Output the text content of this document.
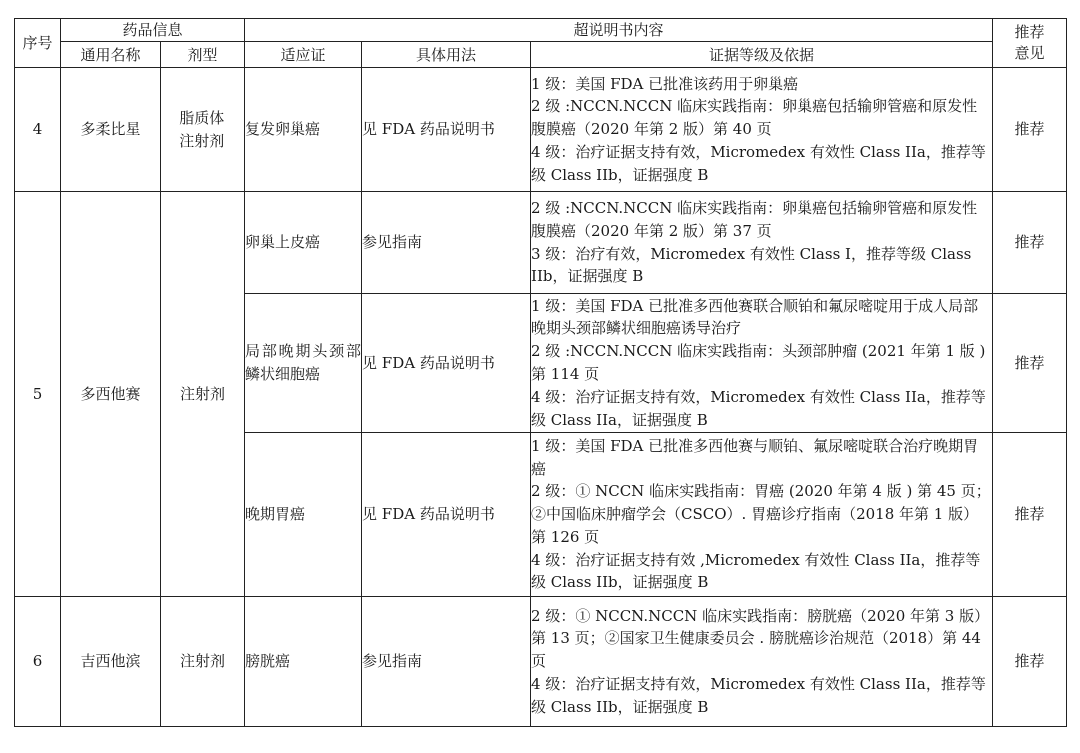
序号	药品信息		超说明书内容			推荐意见

	通用名称	剂型	适应证	具体用法	证据等级及依据	
4	多柔比星	脂质体注射剂	复发卵巢癌	见 FDA 药品说明书	1 级：美国 FDA 已批准该药用于卵巢癌
2 级 :NCCN.NCCN 临床实践指南：卵巢癌包括输卵管癌和原发性腹膜癌（2020 年第 2 版）第 40 页
4 级：治疗证据支持有效，Micromedex 有效性 Class IIa，推荐等级 Class IIb，证据强度 B	推荐
5	多西他赛	注射剂	卵巢上皮癌	参见指南	2 级 :NCCN.NCCN 临床实践指南：卵巢癌包括输卵管癌和原发性腹膜癌（2020 年第 2 版）第 37 页
3 级：治疗有效，Micromedex 有效性 Class I，推荐等级 Class IIb，证据强度 B	推荐
			局部晚期头颈部鳞状细胞癌	见 FDA 药品说明书	1 级：美国 FDA 已批准多西他赛联合顺铂和氟尿嘧啶用于成人局部晚期头颈部鳞状细胞癌诱导治疗
2 级 :NCCN.NCCN 临床实践指南：头颈部肿瘤 (2021 年第 1 版 ) 第 114 页
4 级：治疗证据支持有效，Micromedex 有效性 Class IIa，推荐等级 Class IIa，证据强度 B	推荐
			晚期胃癌	见 FDA 药品说明书	1 级：美国 FDA 已批准多西他赛与顺铂、氟尿嘧啶联合治疗晚期胃癌
2 级：① NCCN 临床实践指南：胃癌 (2020 年第 4 版 ) 第 45 页；②中国临床肿瘤学会（CSCO）. 胃癌诊疗指南（2018 年第 1 版）第 126 页
4 级：治疗证据支持有效 ,Micromedex 有效性 Class IIa，推荐等级 Class IIb，证据强度 B	推荐
6	吉西他滨	注射剂	膀胱癌	参见指南	2 级：① NCCN.NCCN 临床实践指南：膀胱癌（2020 年第 3 版）第 13 页；②国家卫生健康委员会 . 膀胱癌诊治规范（2018）第 44 页
4 级：治疗证据支持有效，Micromedex 有效性 Class IIa，推荐等级 Class IIb，证据强度 B	推荐
